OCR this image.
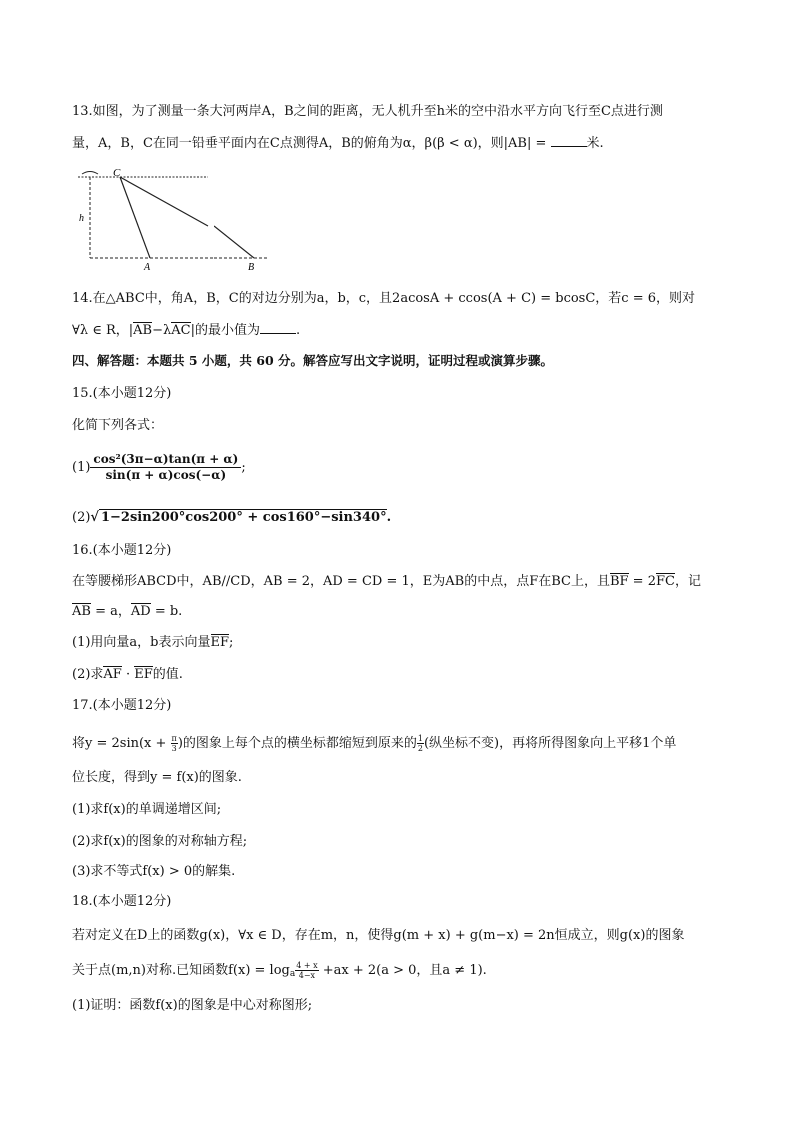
13.如图，为了测量一条大河两岸A，B之间的距离，无人机升至h米的空中沿水平方向飞行至C点进行测
量，A，B，C在同一铅垂平面内在C点测得A，B的俯角为α，β(β < α)，则|AB| =	米.
C
h
A	B
14.在△ABC中，角A，B，C的对边分别为a，b，c，且2acosA + ccos(A + C) = bcosC，若c = 6，则对
∀λ ∈ R，|AB−λAC|的最小值为	.
四、解答题：本题共 5 小题，共 60 分。解答应写出文字说明，证明过程或演算步骤。
15.(本小题12分)
化简下列各式：
$(1) \frac{\text{cos²(3π−α)tan(π + α)}}{\sin(\pi + \alpha)\cos(-\alpha)}$ ;
(2)√ 1−2sin200°cos200° + cos160°−sin340°.
16.(本小题12分)
在等腰梯形ABCD中，AB//CD，AB = 2，AD = CD = 1，E为AB的中点，点F在BC上，且BF = 2FC，记
AB = a，AD = b.
(1)用向量a，b表示向量EF;
(2)求AF · EF的值.
17.(本小题12分)
将$y = 2\sin(x + \frac{\pi}{3}$ )的图象上每个点的横坐标都缩短到原来的 $\frac{1}{2}$ (纵坐标不变)，再将所得图象向上平移1个单
位长度，得到y = f(x)的图象.
(1)求f(x)的单调递增区间;
(2)求f(x)的图象的对称轴方程;
(3)求不等式f(x) > 0的解集.
18.(本小题12分)
若对定义在D上的函数g(x)，∀x ∈ D，存在m，n，使得g(m + x) + g(m−x) = 2n恒成立，则g(x)的图象
关于点(m,n)对称.已知函数$f(x) = \log_a \frac{4 + x}{4-x} +ax + 2(a > 0$，且a ≠ 1).
(1)证明：函数f(x)的图象是中心对称图形;
